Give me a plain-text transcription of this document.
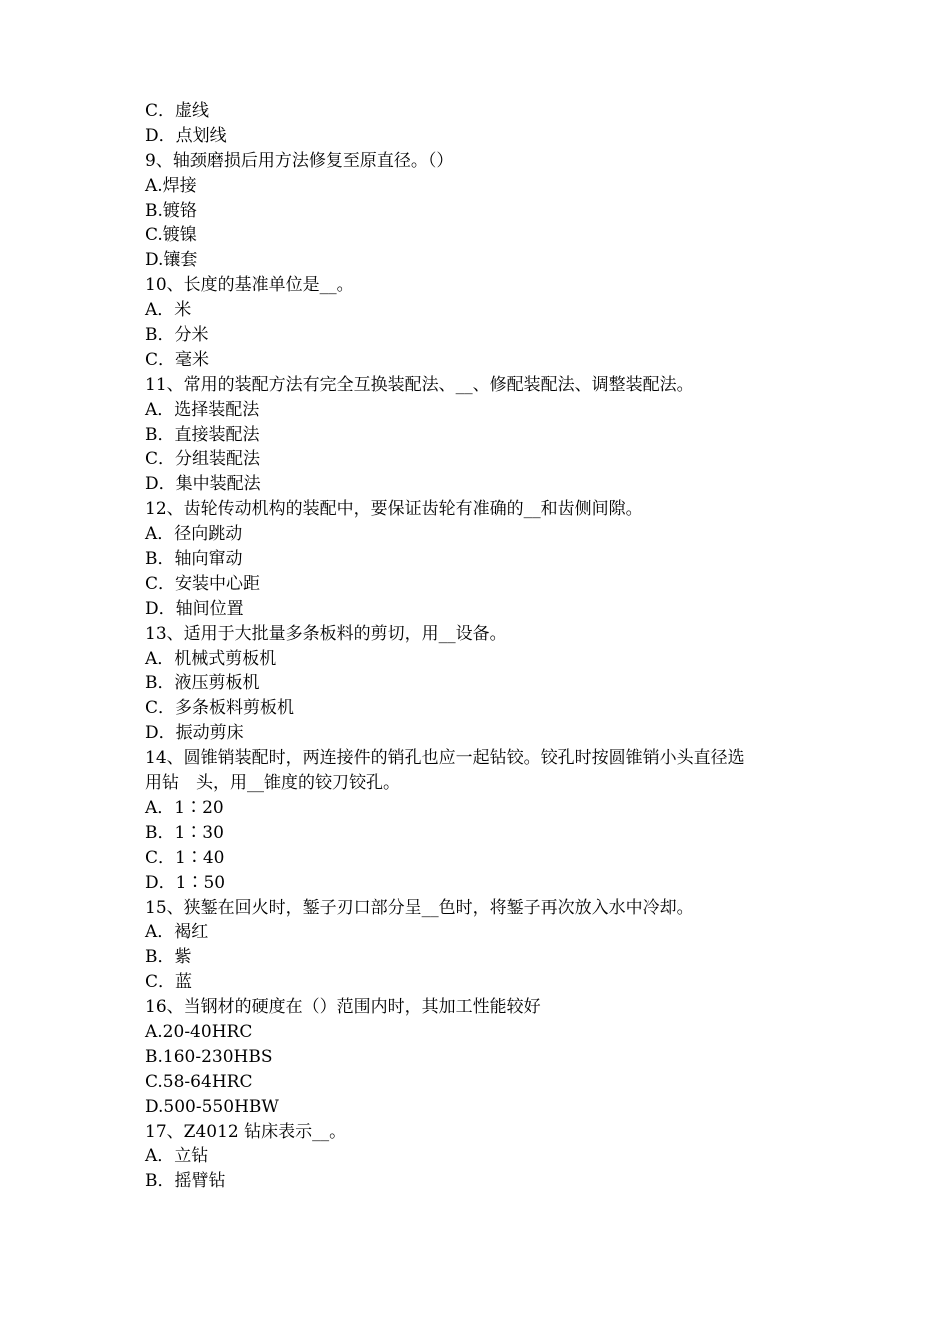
C．虚线
D．点划线
9、轴颈磨损后用方法修复至原直径。（）
A.焊接
B.镀铬
C.镀镍
D.镶套
10、长度的基准单位是__。
A．米
B．分米
C．毫米
11、常用的装配方法有完全互换装配法、__、修配装配法、调整装配法。
A．选择装配法
B．直接装配法
C．分组装配法
D．集中装配法
12、齿轮传动机构的装配中，要保证齿轮有准确的__和齿侧间隙。
A．径向跳动
B．轴向窜动
C．安装中心距
D．轴间位置
13、适用于大批量多条板料的剪切，用__设备。
A．机械式剪板机
B．液压剪板机
C．多条板料剪板机
D．振动剪床
14、圆锥销装配时，两连接件的销孔也应一起钻铰。铰孔时按圆锥销小头直径选
用钻　头，用__锥度的铰刀铰孔。
A．1∶20
B．1∶30
C．1∶40
D．1∶50
15、狭錾在回火时，錾子刃口部分呈__色时，将錾子再次放入水中冷却。
A．褐红
B．紫
C．蓝
16、当钢材的硬度在（）范围内时，其加工性能较好
A.20-40HRC
B.160-230HBS
C.58-64HRC
D.500-550HBW
17、Z4012 钻床表示__。
A．立钻
B．摇臂钻
